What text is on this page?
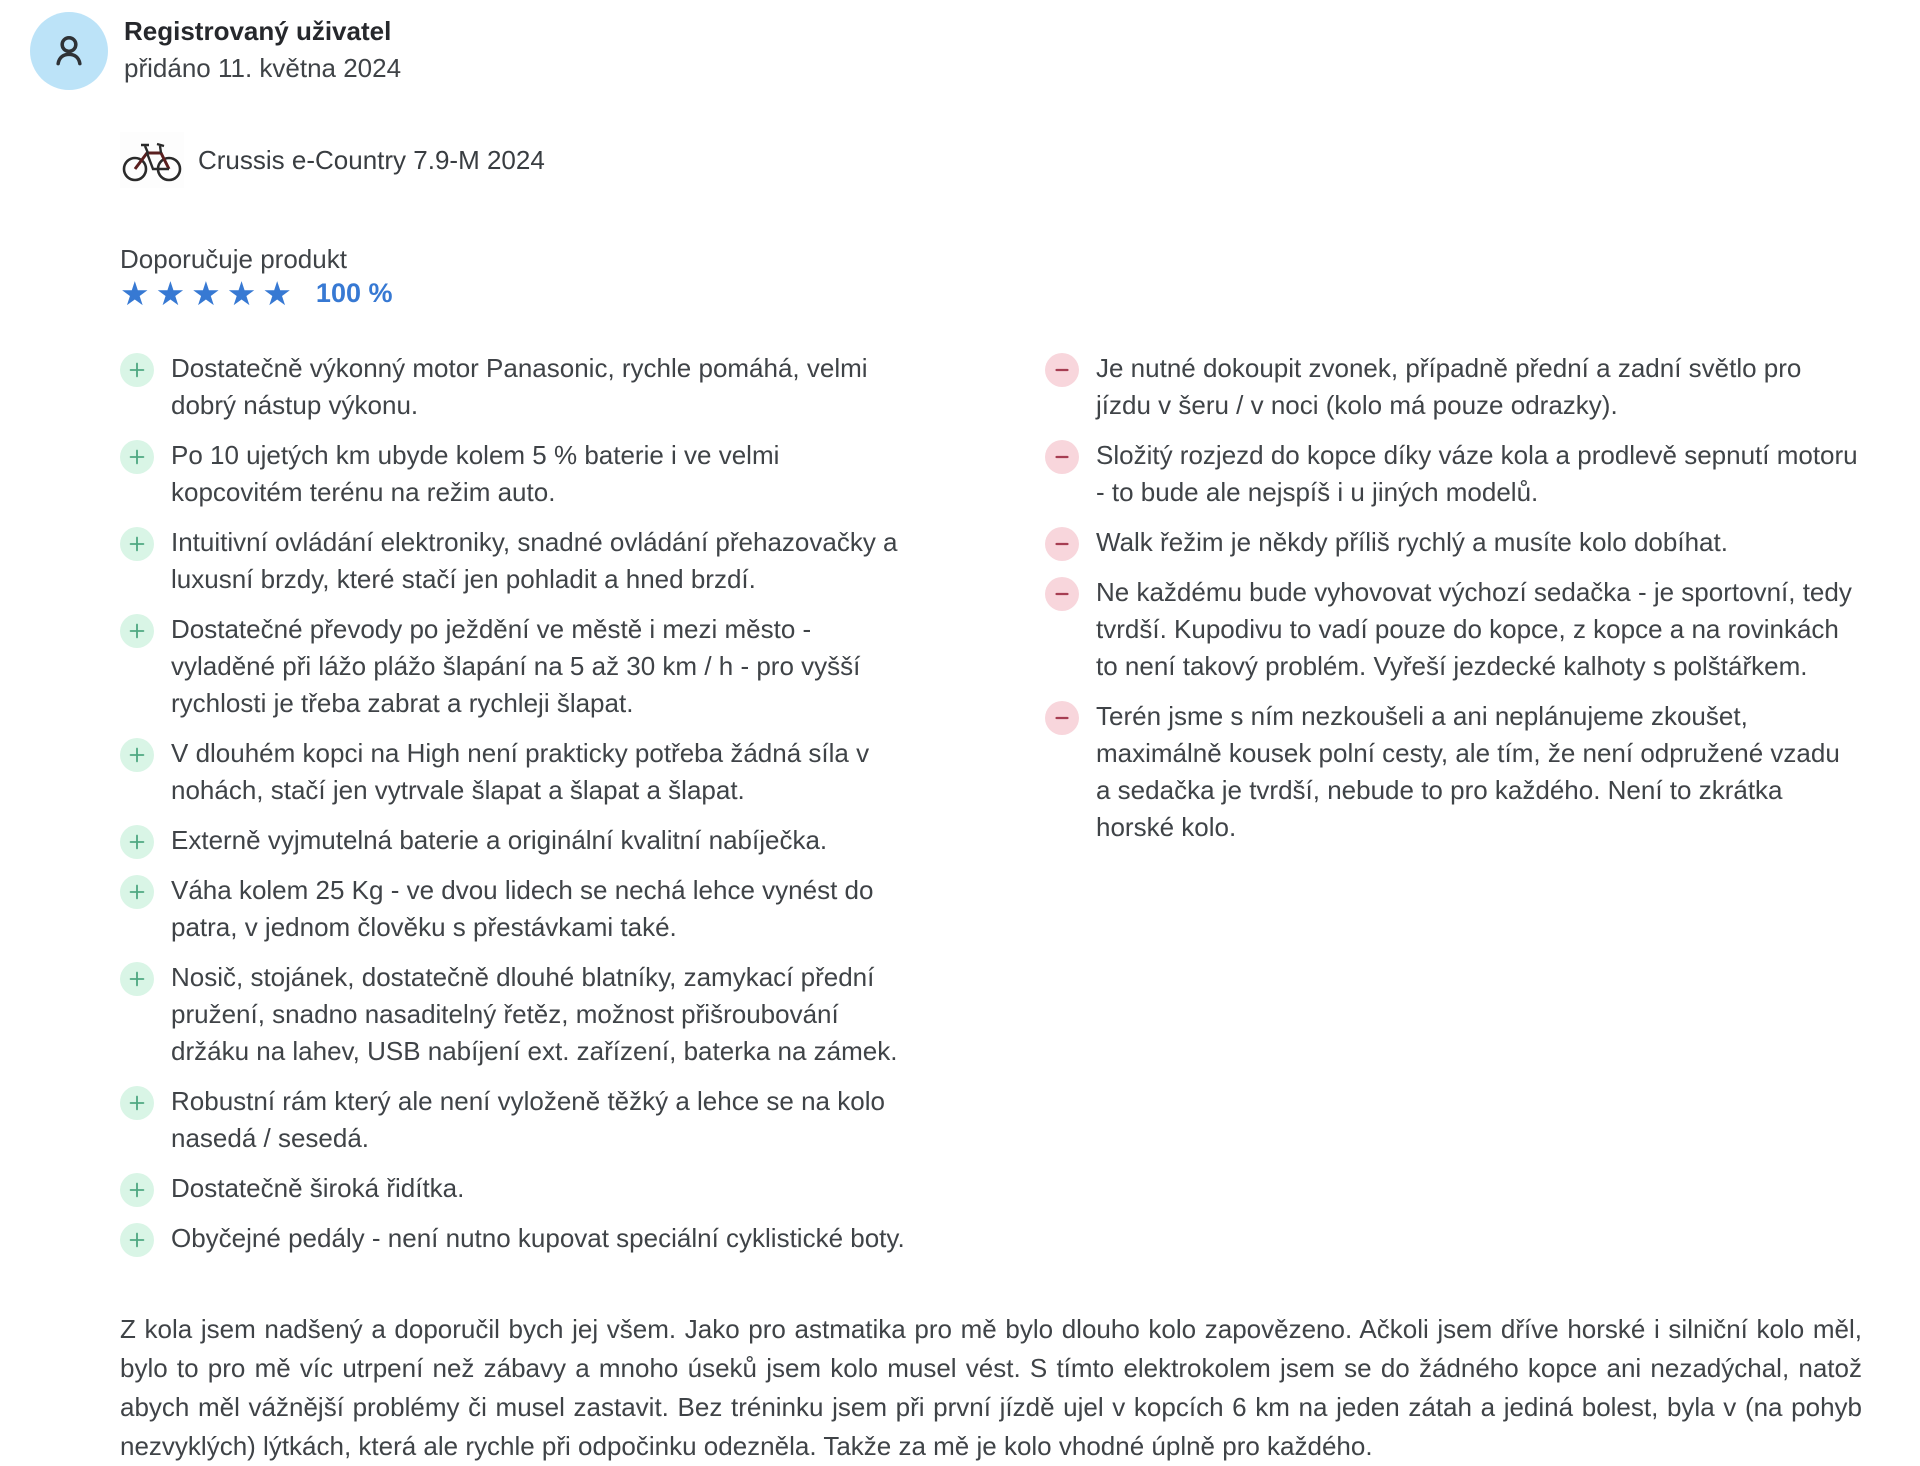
Registrovaný uživatel
přidáno 11. května 2024
Crussis e-Country 7.9-M 2024
Doporučuje produkt
★★★★★ 100 %
Dostatečně výkonný motor Panasonic, rychle pomáhá, velmi dobrý nástup výkonu.
Po 10 ujetých km ubyde kolem 5 % baterie i ve velmi kopcovitém terénu na režim auto.
Intuitivní ovládání elektroniky, snadné ovládání přehazovačky a luxusní brzdy, které stačí jen pohladit a hned brzdí.
Dostatečné převody po ježdění ve městě i mezi město - vyladěné při lážo plážo šlapání na 5 až 30 km / h - pro vyšší rychlosti je třeba zabrat a rychleji šlapat.
V dlouhém kopci na High není prakticky potřeba žádná síla v nohách, stačí jen vytrvale šlapat a šlapat a šlapat.
Externě vyjmutelná baterie a originální kvalitní nabíječka.
Váha kolem 25 Kg - ve dvou lidech se nechá lehce vynést do patra, v jednom člověku s přestávkami také.
Nosič, stojánek, dostatečně dlouhé blatníky, zamykací přední pružení, snadno nasaditelný řetěz, možnost přišroubování držáku na lahev, USB nabíjení ext. zařízení, baterka na zámek.
Robustní rám který ale není vyloženě těžký a lehce se na kolo nasedá / sesedá.
Dostatečně široká řidítka.
Obyčejné pedály - není nutno kupovat speciální cyklistické boty.
Je nutné dokoupit zvonek, případně přední a zadní světlo pro jízdu v šeru / v noci (kolo má pouze odrazky).
Složitý rozjezd do kopce díky váze kola a prodlevě sepnutí motoru - to bude ale nejspíš i u jiných modelů.
Walk řežim je někdy příliš rychlý a musíte kolo dobíhat.
Ne každému bude vyhovovat výchozí sedačka - je sportovní, tedy tvrdší. Kupodivu to vadí pouze do kopce, z kopce a na rovinkách to není takový problém. Vyřeší jezdecké kalhoty s polštářkem.
Terén jsme s ním nezkoušeli a ani neplánujeme zkoušet, maximálně kousek polní cesty, ale tím, že není odpružené vzadu a sedačka je tvrdší, nebude to pro každého. Není to zkrátka horské kolo.

Z kola jsem nadšený a doporučil bych jej všem. Jako pro astmatika pro mě bylo dlouho kolo zapovězeno. Ačkoli jsem dříve horské i silniční kolo měl, bylo to pro mě víc utrpení než zábavy a mnoho úseků jsem kolo musel vést. S tímto elektrokolem jsem se do žádného kopce ani nezadýchal, natož abych měl vážnější problémy či musel zastavit. Bez tréninku jsem při první jízdě ujel v kopcích 6 km na jeden zátah a jediná bolest, byla v (na pohyb nezvyklých) lýtkách, která ale rychle při odpočinku odezněla. Takže za mě je kolo vhodné úplně pro každého.
